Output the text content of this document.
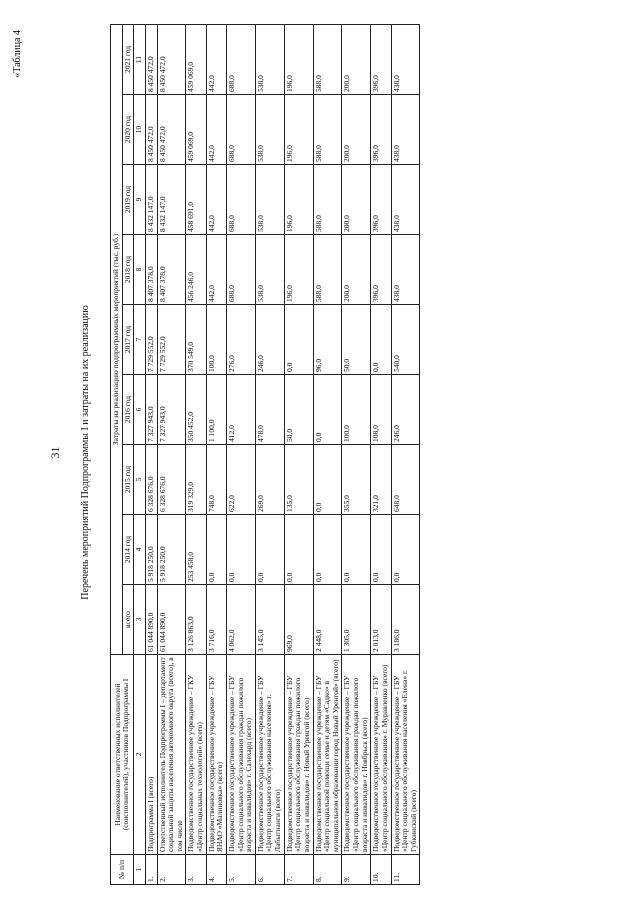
«Таблица 4
31 Перечень мероприятий Подпрограммы I и затраты на их реализацию
№ п/п	Наименование ответственных исполнителей (соисполнителей), участников Подпрограммы I	Затраты на реализацию подпрограммных мероприятий (тыс. руб.)								
		всего	2014 год	2015 год	2016 год	2017 год	2018 год	2019 год	2020 год	2021 год
1	2	3	4	5	6	7	8	9	10	11
1.	Подпрограмма I (всего)	61 044 890,0	5 918 250,0	6 328 676,0	7 327 943,0	7 729 552,0	8 407 378,0	8 432 147,0	8 450 472,0	8 450 472,0
2.	Ответственный исполнитель Подпрограммы I – департамент социальной защиты населения автономного округа (всего), в том числе	61 044 890,0	5 918 250,0	6 328 676,0	7 327 943,0	7 729 552,0	8 407 378,0	8 432 147,0	8 450 472,0	8 450 472,0
3.	Подведомственное государственное учреждение – ГКУ «Центр социальных технологий» (всего)	3 126 863,0	253 458,0	319 329,0	350 452,0	370 549,0	456 246,0	458 691,0	459 069,0	459 069,0
4.	Подведомственное государственное учреждение – ГБУ ЯНАО «Малиновка» (всего)	3 716,0	0,0	748,0	1 100,0	100,0	442,0	442,0	442,0	442,0
5.	Подведомственное государственное учреждение – ГБУ «Центр социального обслуживания граждан пожилого возраста и инвалидов» г. Салехард (всего)	4 062,0	0,0	622,0	412,0	276,0	688,0	688,0	688,0	688,0
6.	Подведомственное государственное учреждение – ГБУ «Центр социального обслуживания населения» г. Лабытнанги (всего)	3 145,0	0,0	269,0	478,0	246,0	538,0	538,0	538,0	538,0
7.	Подведомственное государственное учреждение – ГБУ «Центр социального обслуживания граждан пожилого возраста и инвалидов» г. Новый Уренгой (всего)	969,0	0,0	135,0	50,0	0,0	196,0	196,0	196,0	196,0
8.	Подведомственное государственное учреждение – ГБУ «Центр социальной помощи семье и детям «Садко» в муниципальном образовании город Новый Уренгой» (всего)	2 448,0	0,0	0,0	0,0	96,0	588,0	588,0	588,0	588,0
9.	Подведомственное государственное учреждение – ГБУ «Центр социального обслуживания граждан пожилого возраста и инвалидов» г. Ноябрьск (всего)	1 305,0	0,0	355,0	100,0	50,0	200,0	200,0	200,0	200,0
10.	Подведомственное государственное учреждение – ГБУ «Центр социального обслуживания» г. Муравленко (всего)	2 013,0	0,0	321,0	108,0	0,0	396,0	396,0	396,0	396,0
11.	Подведомственное государственное учреждение – ГБУ «Центр социального обслуживания населения «Елена» г. Губкинский (всего)	3 186,0	0,0	648,0	246,0	540,0	438,0	438,0	438,0	438,0
